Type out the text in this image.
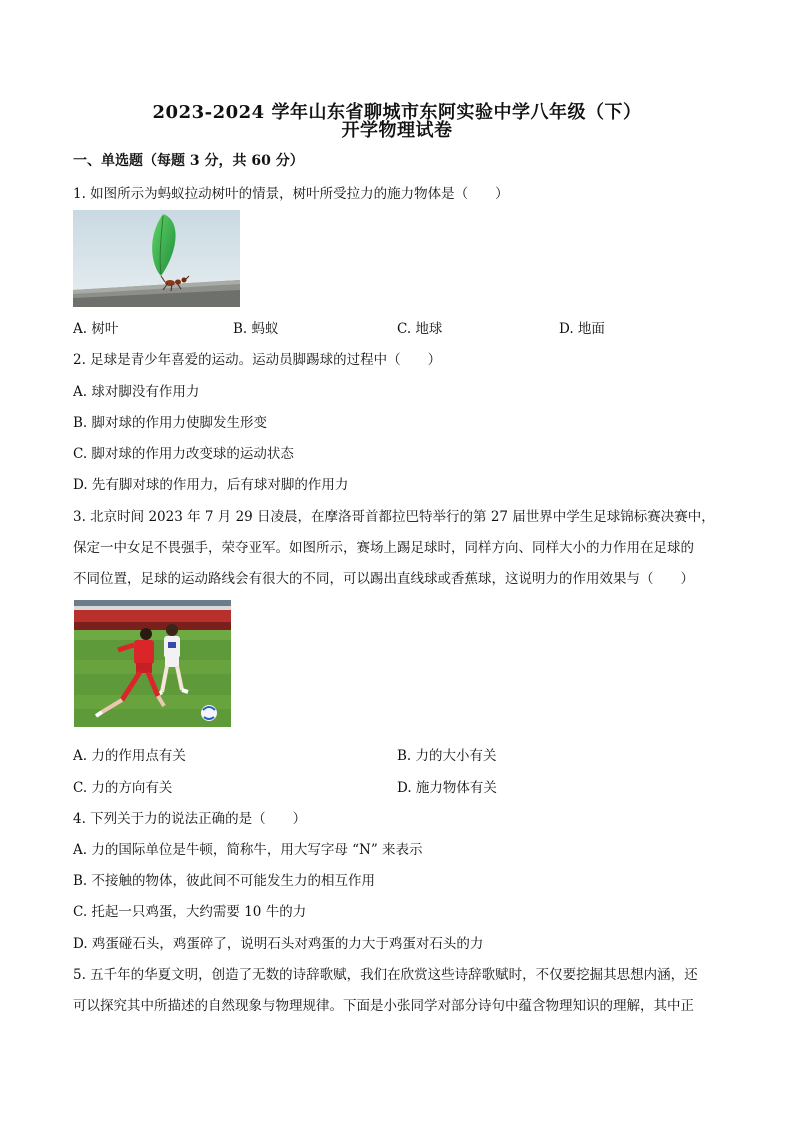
2023-2024 学年山东省聊城市东阿实验中学八年级（下）
开学物理试卷
一、单选题（每题 3 分，共 60 分）
1. 如图所示为蚂蚁拉动树叶的情景，树叶所受拉力的施力物体是（　　）
A. 树叶	B. 蚂蚁	C. 地球	D. 地面
2. 足球是青少年喜爱的运动。运动员脚踢球的过程中（　　）
A. 球对脚没有作用力
B. 脚对球的作用力使脚发生形变
C. 脚对球的作用力改变球的运动状态
D. 先有脚对球的作用力，后有球对脚的作用力
3. 北京时间 2023 年 7 月 29 日凌晨，在摩洛哥首都拉巴特举行的第 27 届世界中学生足球锦标赛决赛中，
保定一中女足不畏强手，荣夺亚军。如图所示，赛场上踢足球时，同样方向、同样大小的力作用在足球的
不同位置，足球的运动路线会有很大的不同，可以踢出直线球或香蕉球，这说明力的作用效果与（　　）
A. 力的作用点有关	B. 力的大小有关
C. 力的方向有关	D. 施力物体有关
4. 下列关于力的说法正确的是（　　）
A. 力的国际单位是牛顿，简称牛，用大写字母 “N” 来表示
B. 不接触的物体，彼此间不可能发生力的相互作用
C. 托起一只鸡蛋，大约需要 10 牛的力
D. 鸡蛋碰石头，鸡蛋碎了，说明石头对鸡蛋的力大于鸡蛋对石头的力
5. 五千年的华夏文明，创造了无数的诗辞歌赋，我们在欣赏这些诗辞歌赋时，不仅要挖掘其思想内涵，还
可以探究其中所描述的自然现象与物理规律。下面是小张同学对部分诗句中蕴含物理知识的理解，其中正
